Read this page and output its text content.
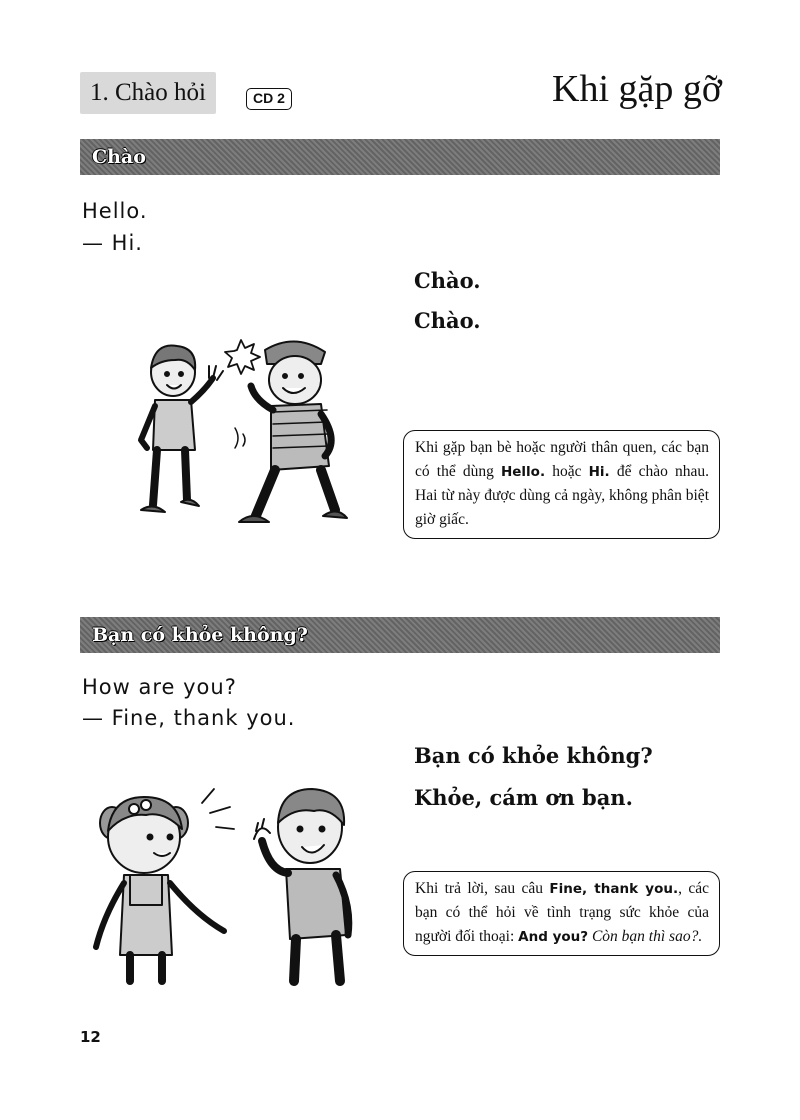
1. Chào hỏi	CD 2	Khi gặp gỡ
Chào
Hello.
— Hi.
Chào.
Chào.
Khi gặp bạn bè hoặc người thân quen, các bạn có thể dùng Hello. hoặc Hi. để chào nhau. Hai từ này được dùng cả ngày, không phân biệt giờ giấc.
Bạn có khỏe không?
How are you?
— Fine, thank you.
Bạn có khỏe không?
Khỏe, cám ơn bạn.
Khi trả lời, sau câu Fine, thank you., các bạn có thể hỏi về tình trạng sức khỏe của người đối thoại: And you? Còn bạn thì sao?.
12
